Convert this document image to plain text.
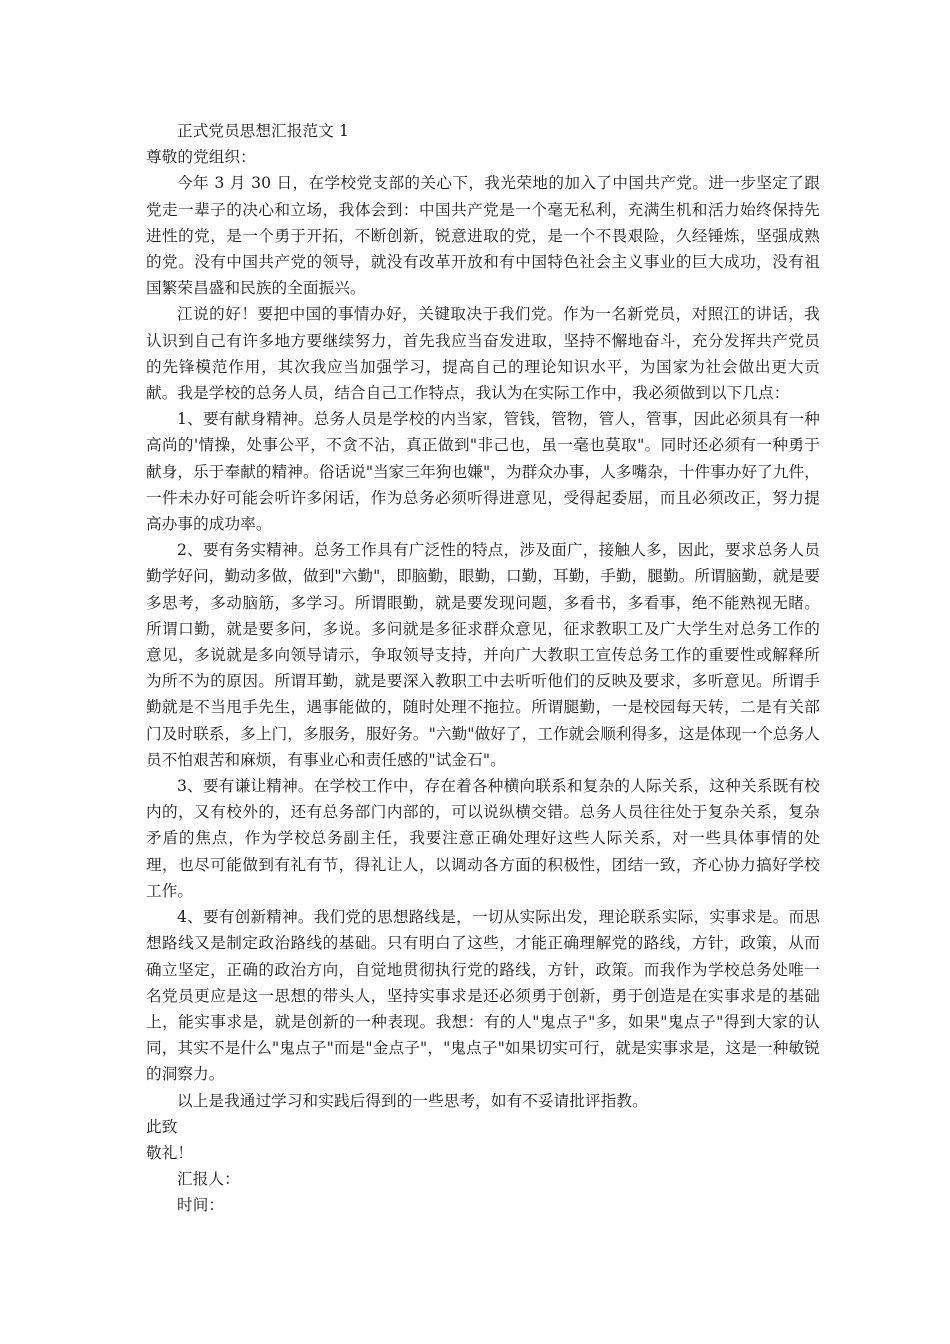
正式党员思想汇报范文 1

尊敬的党组织：

今年 3 月 30 日，在学校党支部的关心下，我光荣地的加入了中国共产党。进一步坚定了跟党走一辈子的决心和立场，我体会到：中国共产党是一个毫无私利，充满生机和活力始终保持先进性的党，是一个勇于开拓，不断创新，锐意进取的党，是一个不畏艰险，久经锤炼，坚强成熟的党。没有中国共产党的领导，就没有改革开放和有中国特色社会主义事业的巨大成功，没有祖国繁荣昌盛和民族的全面振兴。

江说的好！要把中国的事情办好，关键取决于我们党。作为一名新党员，对照江的讲话，我认识到自己有许多地方要继续努力，首先我应当奋发进取，坚持不懈地奋斗，充分发挥共产党员的先锋模范作用，其次我应当加强学习，提高自己的理论知识水平，为国家为社会做出更大贡献。我是学校的总务人员，结合自己工作特点，我认为在实际工作中，我必须做到以下几点：

1、要有献身精神。总务人员是学校的内当家，管钱，管物，管人，管事，因此必须具有一种高尚的'情操，处事公平，不贪不沾，真正做到"非己也，虽一毫也莫取"。同时还必须有一种勇于献身，乐于奉献的精神。俗话说"当家三年狗也嫌"，为群众办事，人多嘴杂，十件事办好了九件，一件未办好可能会听许多闲话，作为总务必须听得进意见，受得起委屈，而且必须改正，努力提高办事的成功率。

2、要有务实精神。总务工作具有广泛性的特点，涉及面广，接触人多，因此，要求总务人员勤学好问，勤动多做，做到"六勤"，即脑勤，眼勤，口勤，耳勤，手勤，腿勤。所谓脑勤，就是要多思考，多动脑筋，多学习。所谓眼勤，就是要发现问题，多看书，多看事，绝不能熟视无睹。所谓口勤，就是要多问，多说。多问就是多征求群众意见，征求教职工及广大学生对总务工作的意见，多说就是多向领导请示，争取领导支持，并向广大教职工宣传总务工作的重要性或解释所为所不为的原因。所谓耳勤，就是要深入教职工中去听听他们的反映及要求，多听意见。所谓手勤就是不当甩手先生，遇事能做的，随时处理不拖拉。所谓腿勤，一是校园每天转，二是有关部门及时联系，多上门，多服务，服好务。"六勤"做好了，工作就会顺利得多，这是体现一个总务人员不怕艰苦和麻烦，有事业心和责任感的"试金石"。

3、要有谦让精神。在学校工作中，存在着各种横向联系和复杂的人际关系，这种关系既有校内的，又有校外的，还有总务部门内部的，可以说纵横交错。总务人员往往处于复杂关系，复杂矛盾的焦点，作为学校总务副主任，我要注意正确处理好这些人际关系，对一些具体事情的处理，也尽可能做到有礼有节，得礼让人，以调动各方面的积极性，团结一致，齐心协力搞好学校工作。

4、要有创新精神。我们党的思想路线是，一切从实际出发，理论联系实际，实事求是。而思想路线又是制定政治路线的基础。只有明白了这些，才能正确理解党的路线，方针，政策，从而确立坚定，正确的政治方向，自觉地贯彻执行党的路线，方针，政策。而我作为学校总务处唯一名党员更应是这一思想的带头人，坚持实事求是还必须勇于创新，勇于创造是在实事求是的基础上，能实事求是，就是创新的一种表现。我想：有的人"鬼点子"多，如果"鬼点子"得到大家的认同，其实不是什么"鬼点子"而是"金点子"，"鬼点子"如果切实可行，就是实事求是，这是一种敏锐的洞察力。

以上是我通过学习和实践后得到的一些思考，如有不妥请批评指教。

此致

敬礼！

汇报人：

时间：
